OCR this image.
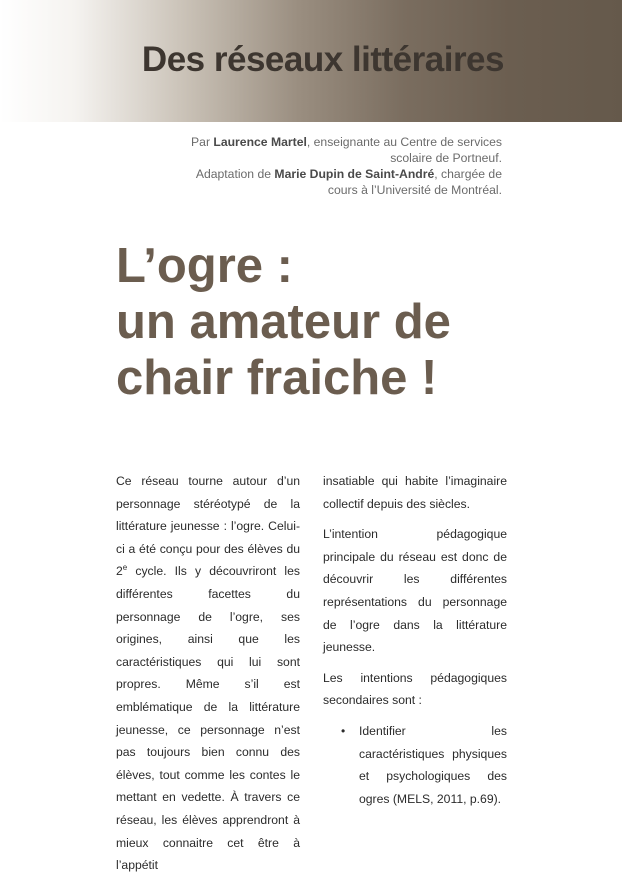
Des réseaux littéraires
Par Laurence Martel, enseignante au Centre de services scolaire de Portneuf.
Adaptation de Marie Dupin de Saint-André, chargée de cours à l’Université de Montréal.
L’ogre :
un amateur de
chair fraiche !

Ce réseau tourne autour d’un personnage stéréotypé de la littérature jeunesse : l’ogre. Celui-ci a été conçu pour des élèves du 2e cycle. Ils y découvriront les différentes facettes du personnage de l’ogre, ses origines, ainsi que les caractéristiques qui lui sont propres. Même s’il est emblématique de la littérature jeunesse, ce personnage n’est pas toujours bien connu des élèves, tout comme les contes le mettant en vedette. À travers ce réseau, les élèves apprendront à mieux connaitre cet être à l’appétit

insatiable qui habite l’imaginaire collectif depuis des siècles.

L’intention pédagogique principale du réseau est donc de découvrir les différentes représentations du personnage de l’ogre dans la littérature jeunesse.

Les intentions pédagogiques secondaires sont :

• Identifier les caractéristiques physiques et psychologiques des ogres (MELS, 2011, p.69).
